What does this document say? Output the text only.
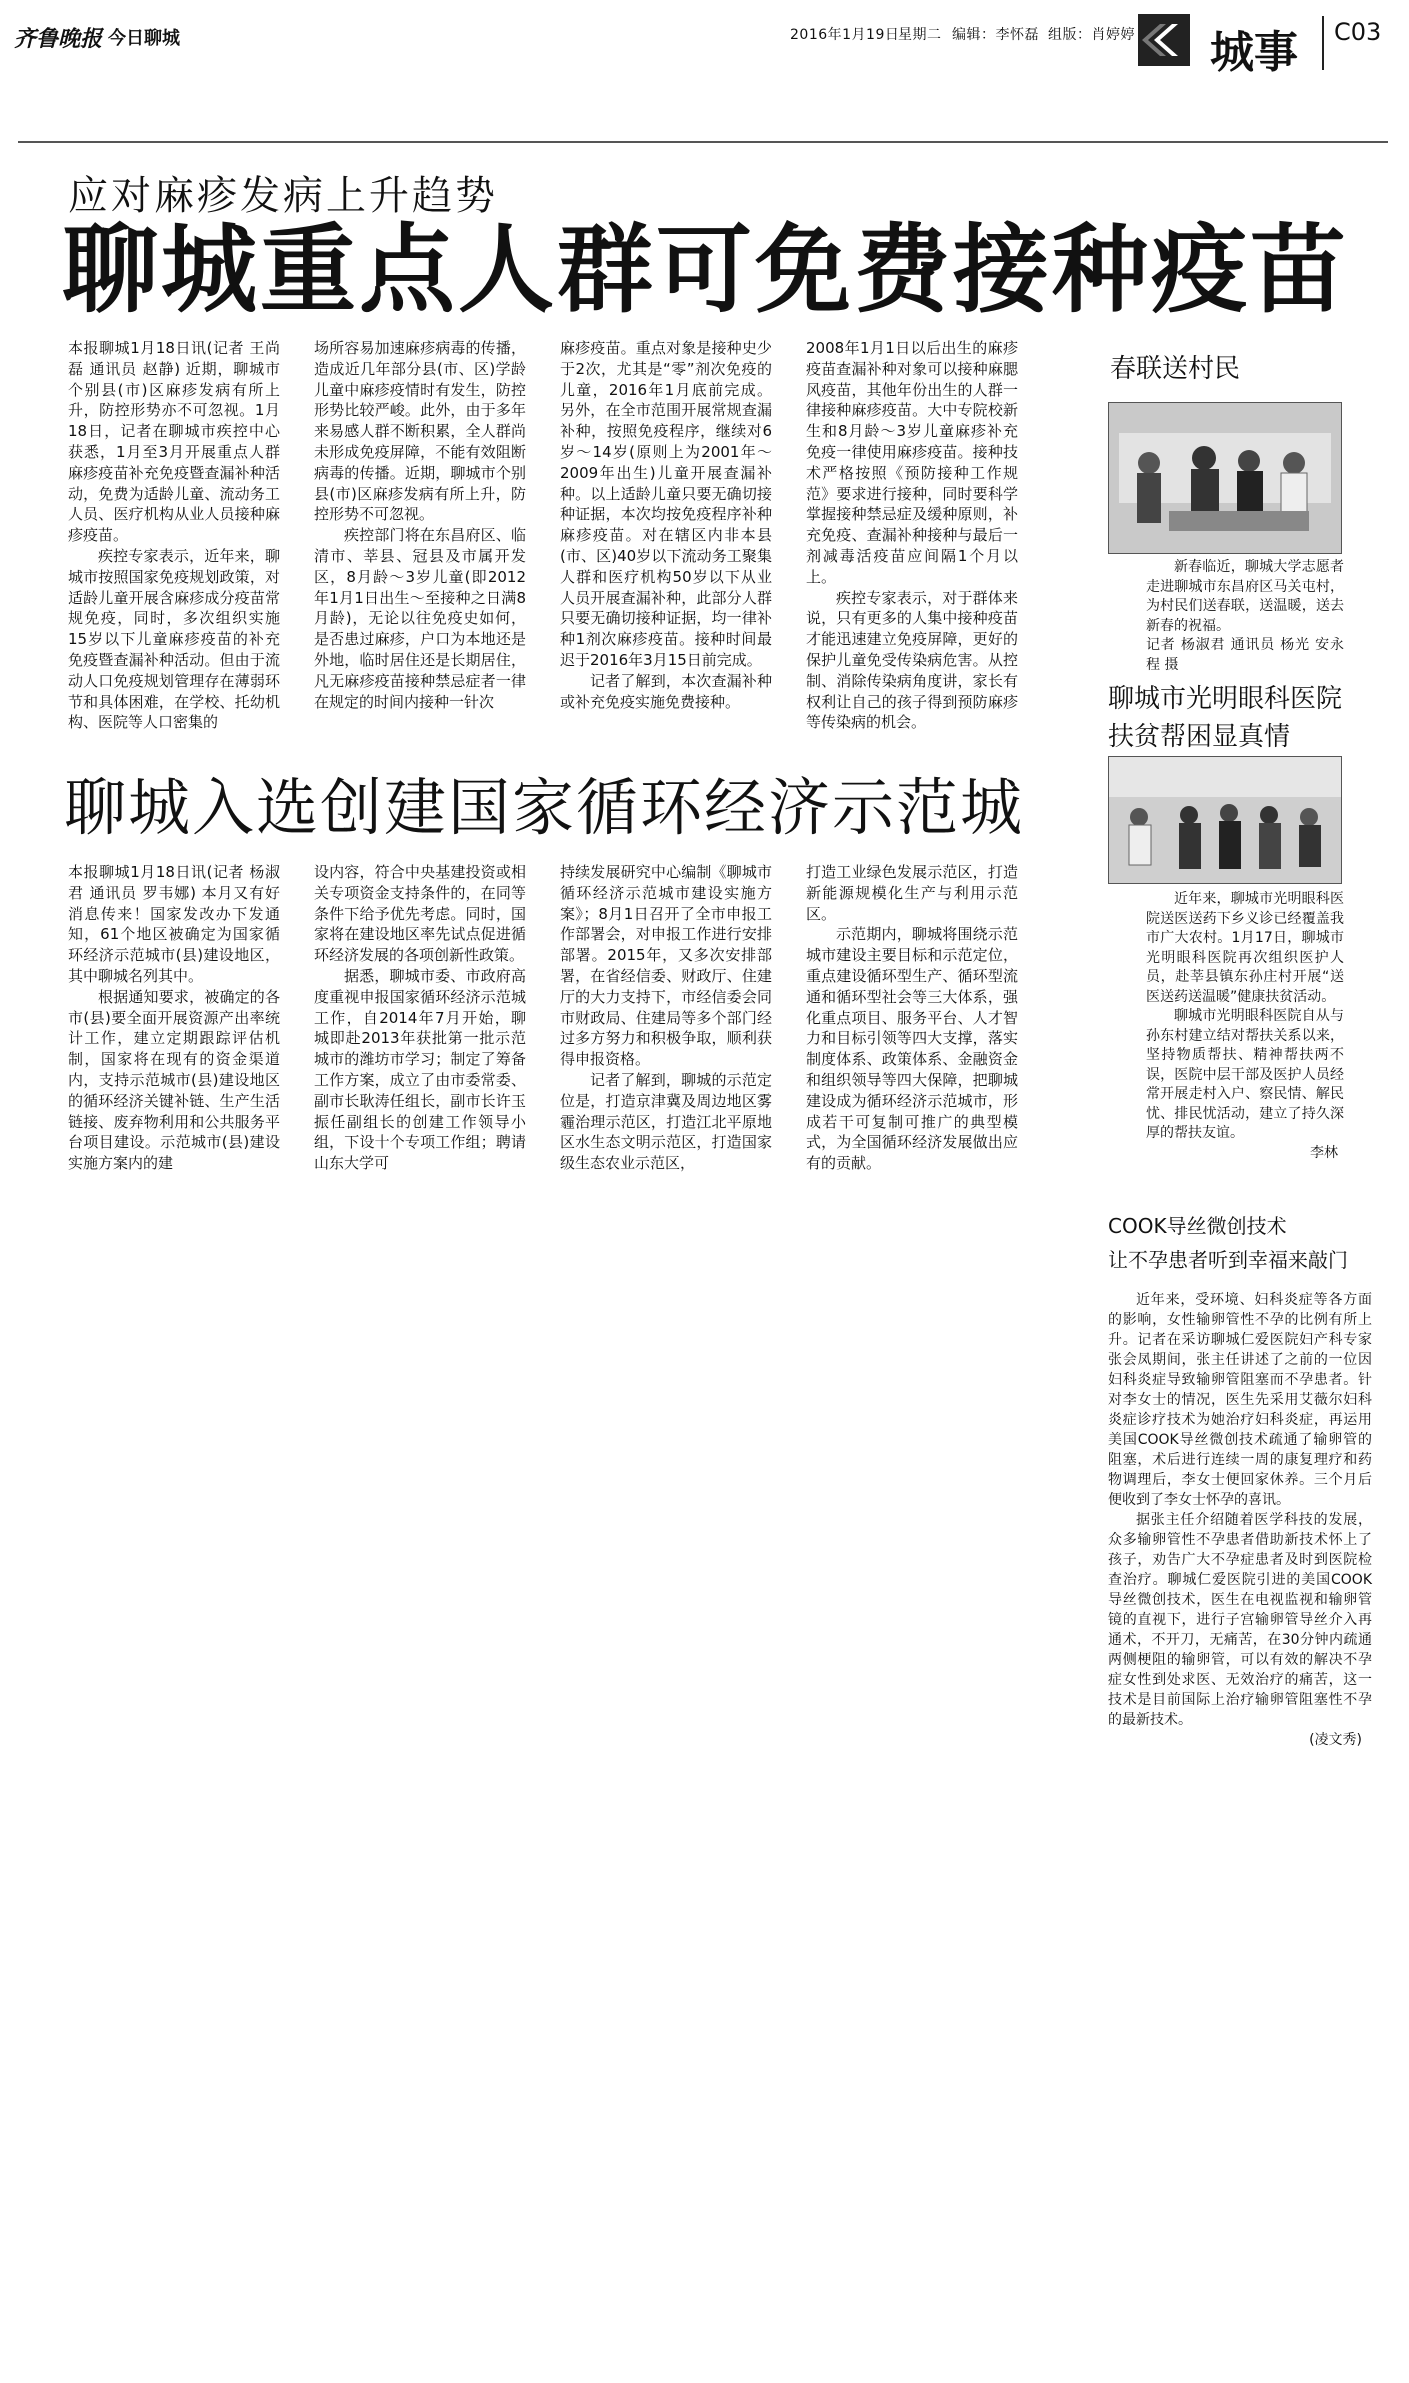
齐鲁晚报 今日聊城	2016年1月19日
星期二 编辑：李怀磊 组版：肖婷婷 城事 C03
应对麻疹发病上升趋势
聊城重点人群可免费接种疫苗

本报聊城1月18日讯(记者 王尚磊 通讯员 赵静) 近期，聊城市个别县(市)区麻疹发病有所上升，防控形势亦不可忽视。1月18日，记者在聊城市疾控中心获悉，1月至3月开展重点人群麻疹疫苗补充免疫暨查漏补种活动，免费为适龄儿童、流动务工人员、医疗机构从业人员接种麻疹疫苗。

疾控专家表示，近年来，聊城市按照国家免疫规划政策，对适龄儿童开展含麻疹成分疫苗常规免疫，同时，多次组织实施15岁以下儿童麻疹疫苗的补充免疫暨查漏补种活动。但由于流动人口免疫规划管理存在薄弱环节和具体困难，在学校、托幼机构、医院等人口密集的

场所容易加速麻疹病毒的传播，造成近几年部分县(市、区)学龄儿童中麻疹疫情时有发生，防控形势比较严峻。此外，由于多年来易感人群不断积累，全人群尚未形成免疫屏障，不能有效阻断病毒的传播。近期，聊城市个别县(市)区麻疹发病有所上升，防控形势不可忽视。

疾控部门将在东昌府区、临清市、莘县、冠县及市属开发区，8月龄～3岁儿童(即2012年1月1日出生～至接种之日满8月龄)，无论以往免疫史如何，是否患过麻疹，户口为本地还是外地，临时居住还是长期居住，凡无麻疹疫苗接种禁忌症者一律在规定的时间内接种一针次

麻疹疫苗。重点对象是接种史少于2次，尤其是“零”剂次免疫的儿童，2016年1月底前完成。另外，在全市范围开展常规查漏补种，按照免疫程序，继续对6岁～14岁(原则上为2001年～2009年出生)儿童开展查漏补种。以上适龄儿童只要无确切接种证据，本次均按免疫程序补种麻疹疫苗。对在辖区内非本县(市、区)40岁以下流动务工聚集人群和医疗机构50岁以下从业人员开展查漏补种，此部分人群只要无确切接种证据，均一律补种1剂次麻疹疫苗。接种时间最迟于2016年3月15日前完成。

记者了解到，本次查漏补种或补充免疫实施免费接种。

2008年1月1日以后出生的麻疹疫苗查漏补种对象可以接种麻腮风疫苗，其他年份出生的人群一律接种麻疹疫苗。大中专院校新生和8月龄～3岁儿童麻疹补充免疫一律使用麻疹疫苗。接种技术严格按照《预防接种工作规范》要求进行接种，同时要科学掌握接种禁忌症及缓种原则，补充免疫、查漏补种接种与最后一剂减毒活疫苗应间隔1个月以上。

疾控专家表示，对于群体来说，只有更多的人集中接种疫苗才能迅速建立免疫屏障，更好的保护儿童免受传染病危害。从控制、消除传染病角度讲，家长有权利让自己的孩子得到预防麻疹等传染病的机会。

聊城入选创建国家循环经济示范城

本报聊城1月18日讯(记者 杨淑君 通讯员 罗韦娜) 本月又有好消息传来！国家发改办下发通知，61个地区被确定为国家循环经济示范城市(县)建设地区，其中聊城名列其中。

根据通知要求，被确定的各市(县)要全面开展资源产出率统计工作，建立定期跟踪评估机制，国家将在现有的资金渠道内，支持示范城市(县)建设地区的循环经济关键补链、生产生活链接、废弃物利用和公共服务平台项目建设。示范城市(县)建设实施方案内的建

设内容，符合中央基建投资或相关专项资金支持条件的，在同等条件下给予优先考虑。同时，国家将在建设地区率先试点促进循环经济发展的各项创新性政策。

据悉，聊城市委、市政府高度重视申报国家循环经济示范城工作，自2014年7月开始，聊城即赴2013年获批第一批示范城市的潍坊市学习；制定了筹备工作方案，成立了由市委常委、副市长耿涛任组长，副市长许玉振任副组长的创建工作领导小组，下设十个专项工作组；聘请山东大学可

持续发展研究中心编制《聊城市循环经济示范城市建设实施方案》；8月1日召开了全市申报工作部署会，对申报工作进行安排部署。2015年，又多次安排部署，在省经信委、财政厅、住建厅的大力支持下，市经信委会同市财政局、住建局等多个部门经过多方努力和积极争取，顺利获得申报资格。

记者了解到，聊城的示范定位是，打造京津冀及周边地区雾霾治理示范区，打造江北平原地区水生态文明示范区，打造国家级生态农业示范区，

打造工业绿色发展示范区，打造新能源规模化生产与利用示范区。

示范期内，聊城将围绕示范城市建设主要目标和示范定位，重点建设循环型生产、循环型流通和循环型社会等三大体系，强化重点项目、服务平台、人才智力和目标引领等四大支撑，落实制度体系、政策体系、金融资金和组织领导等四大保障，把聊城建设成为循环经济示范城市，形成若干可复制可推广的典型模式，为全国循环经济发展做出应有的贡献。

春联送村民

新春临近，聊城大学志愿者走进聊城市东昌府区马关屯村，为村民们送春联，送温暖，送去新春的祝福。

记者 杨淑君 通讯员 杨光 安永程 摄
聊城市光明眼科医院扶贫帮困显真情

近年来，聊城市光明眼科医院送医送药下乡义诊已经覆盖我市广大农村。1月17日，聊城市光明眼科医院再次组织医护人员，赴莘县镇东孙庄村开展“送医送药送温暖”健康扶贫活动。

聊城市光明眼科医院自从与孙东村建立结对帮扶关系以来，坚持物质帮扶、精神帮扶两不误，医院中层干部及医护人员经常开展走村入户、察民情、解民忧、排民忧活动，建立了持久深厚的帮扶友谊。

李林
COOK导丝微创技术
让不孕患者听到幸福来敲门

近年来，受环境、妇科炎症等各方面的影响，女性输卵管性不孕的比例有所上升。记者在采访聊城仁爱医院妇产科专家张会凤期间，张主任讲述了之前的一位因妇科炎症导致输卵管阻塞而不孕患者。针对李女士的情况，医生先采用艾薇尔妇科炎症诊疗技术为她治疗妇科炎症，再运用美国COOK导丝微创技术疏通了输卵管的阻塞，术后进行连续一周的康复理疗和药物调理后，李女士便回家休养。三个月后便收到了李女士怀孕的喜讯。

据张主任介绍随着医学科技的发展，众多输卵管性不孕患者借助新技术怀上了孩子，劝告广大不孕症患者及时到医院检查治疗。聊城仁爱医院引进的美国COOK导丝微创技术，医生在电视监视和输卵管镜的直视下，进行子宫输卵管导丝介入再通术，不开刀，无痛苦，在30分钟内疏通两侧梗阻的输卵管，可以有效的解决不孕症女性到处求医、无效治疗的痛苦，这一技术是目前国际上治疗输卵管阻塞性不孕的最新技术。

(凌文秀)
